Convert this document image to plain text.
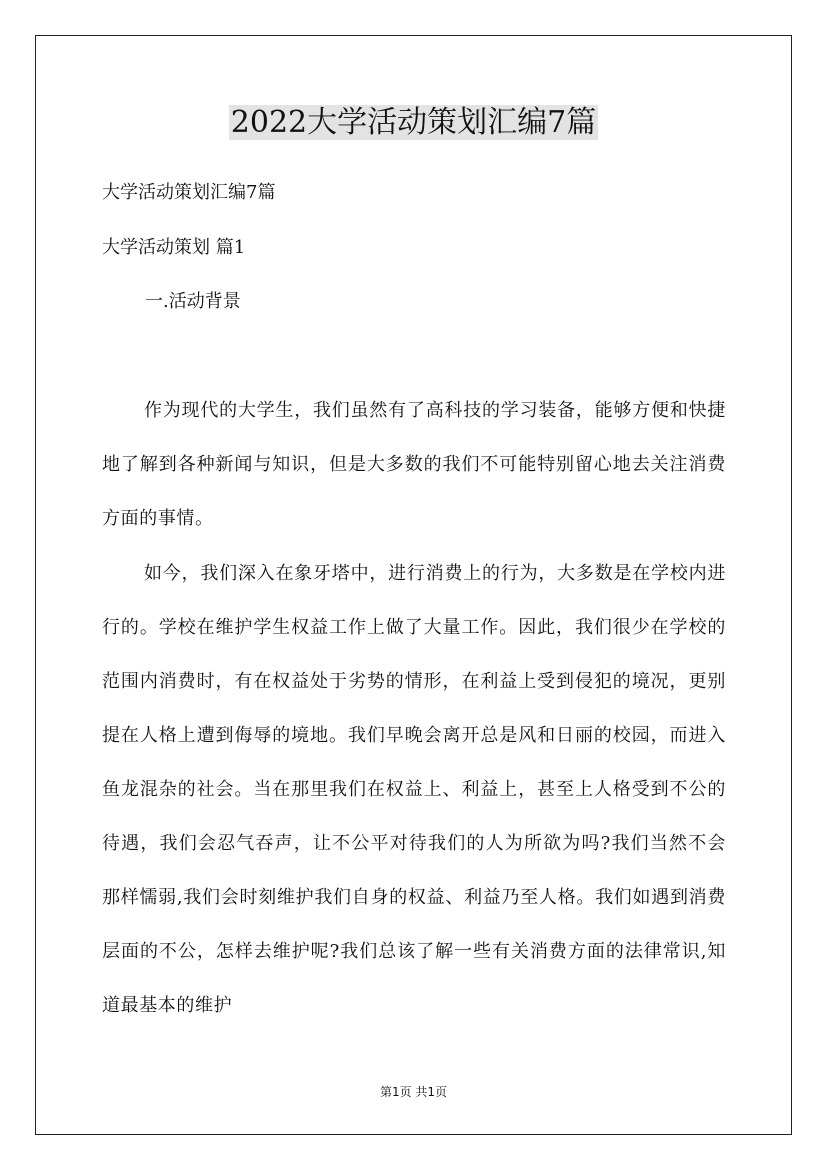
2022大学活动策划汇编7篇

大学活动策划汇编7篇

大学活动策划 篇1

一.活动背景

作为现代的大学生，我们虽然有了高科技的学习装备，能够方便和快捷地了解到各种新闻与知识，但是大多数的我们不可能特别留心地去关注消费方面的事情。

如今，我们深入在象牙塔中，进行消费上的行为，大多数是在学校内进行的。学校在维护学生权益工作上做了大量工作。因此，我们很少在学校的范围内消费时，有在权益处于劣势的情形，在利益上受到侵犯的境况，更别提在人格上遭到侮辱的境地。我们早晚会离开总是风和日丽的校园，而进入鱼龙混杂的社会。当在那里我们在权益上、利益上，甚至上人格受到不公的待遇，我们会忍气吞声，让不公平对待我们的人为所欲为吗?我们当然不会那样懦弱,我们会时刻维护我们自身的权益、利益乃至人格。我们如遇到消费层面的不公，怎样去维护呢?我们总该了解一些有关消费方面的法律常识,知道最基本的维护

第1页 共1页
